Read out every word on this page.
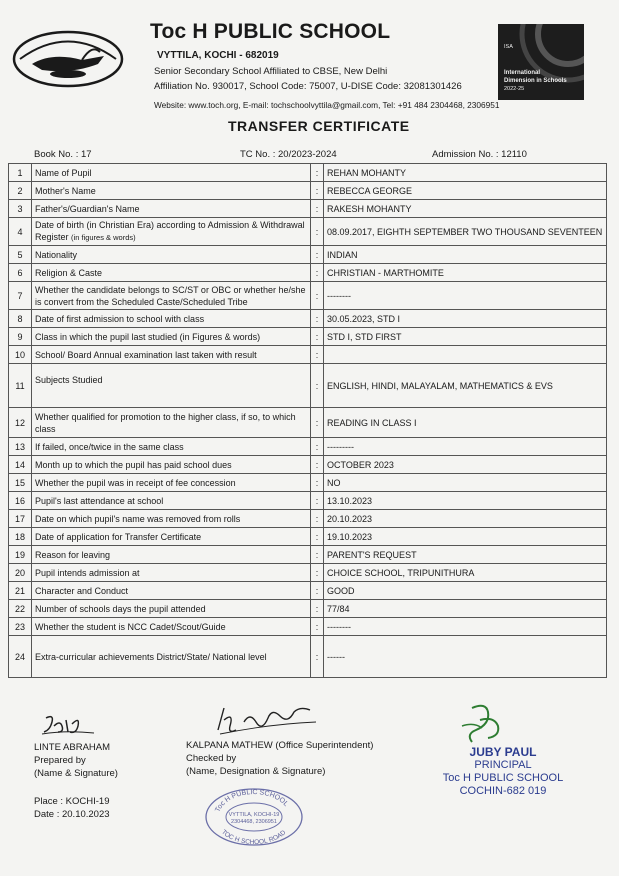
Toc H PUBLIC SCHOOL
VYTTILA, KOCHI - 682019
Senior Secondary School Affiliated to CBSE, New Delhi
Affiliation No. 930017, School Code: 75007, U-DISE Code: 32081301426
Website: www.toch.org, E-mail: tochschoolvyttila@gmail.com, Tel: +91 484 2304468, 2306951
ISA
International
Dimension in Schools
2022-25
TRANSFER CERTIFICATE
Book No. : 17	TC No. : 20/2023-2024	Admission No. : 12110
1	Name of Pupil	:	REHAN MOHANTY
2	Mother's Name	:	REBECCA GEORGE
3	Father's/Guardian's Name	:	RAKESH MOHANTY
4	Date of birth (in Christian Era) according to Admission & Withdrawal Register (in figures & words)	:	08.09.2017, EIGHTH SEPTEMBER TWO THOUSAND SEVENTEEN
5	Nationality	:	INDIAN
6	Religion & Caste	:	CHRISTIAN - MARTHOMITE
7	Whether the candidate belongs to SC/ST or OBC or whether he/she is convert from the Scheduled Caste/Scheduled Tribe	:	--------
8	Date of first admission to school with class	:	30.05.2023, STD I
9	Class in which the pupil last studied (in Figures & words)	:	STD I, STD FIRST
10	School/ Board Annual examination last taken with result	:	
11	Subjects Studied	:	ENGLISH, HINDI, MALAYALAM, MATHEMATICS & EVS
12	Whether qualified for promotion to the higher class, if so, to which class	:	READING IN CLASS I
13	If failed, once/twice in the same class	:	---------
14	Month up to which the pupil has paid school dues	:	OCTOBER 2023
15	Whether the pupil was in receipt of fee concession	:	NO
16	Pupil's last attendance at school	:	13.10.2023
17	Date on which pupil's name was removed from rolls	:	20.10.2023
18	Date of application for Transfer Certificate	:	19.10.2023
19	Reason for leaving	:	PARENT'S REQUEST
20	Pupil intends admission at	:	CHOICE SCHOOL, TRIPUNITHURA
21	Character and Conduct	:	GOOD
22	Number of schools days the pupil attended	:	77/84
23	Whether the student is NCC Cadet/Scout/Guide	:	--------
24	Extra-curricular achievements District/State/ National level	:	------
LINTE ABRAHAM
Prepared by
(Name & Signature)
KALPANA MATHEW (Office Superintendent)
Checked by
(Name, Designation & Signature)
Place : KOCHI-19
Date : 20.10.2023	Toc H PUBLIC SCHOOL
TOC H SCHOOL ROAD
VYTTILA, KOCHI-19
2304468, 2306951
JUBY PAUL
PRINCIPAL
Toc H PUBLIC SCHOOL
COCHIN-682 019
